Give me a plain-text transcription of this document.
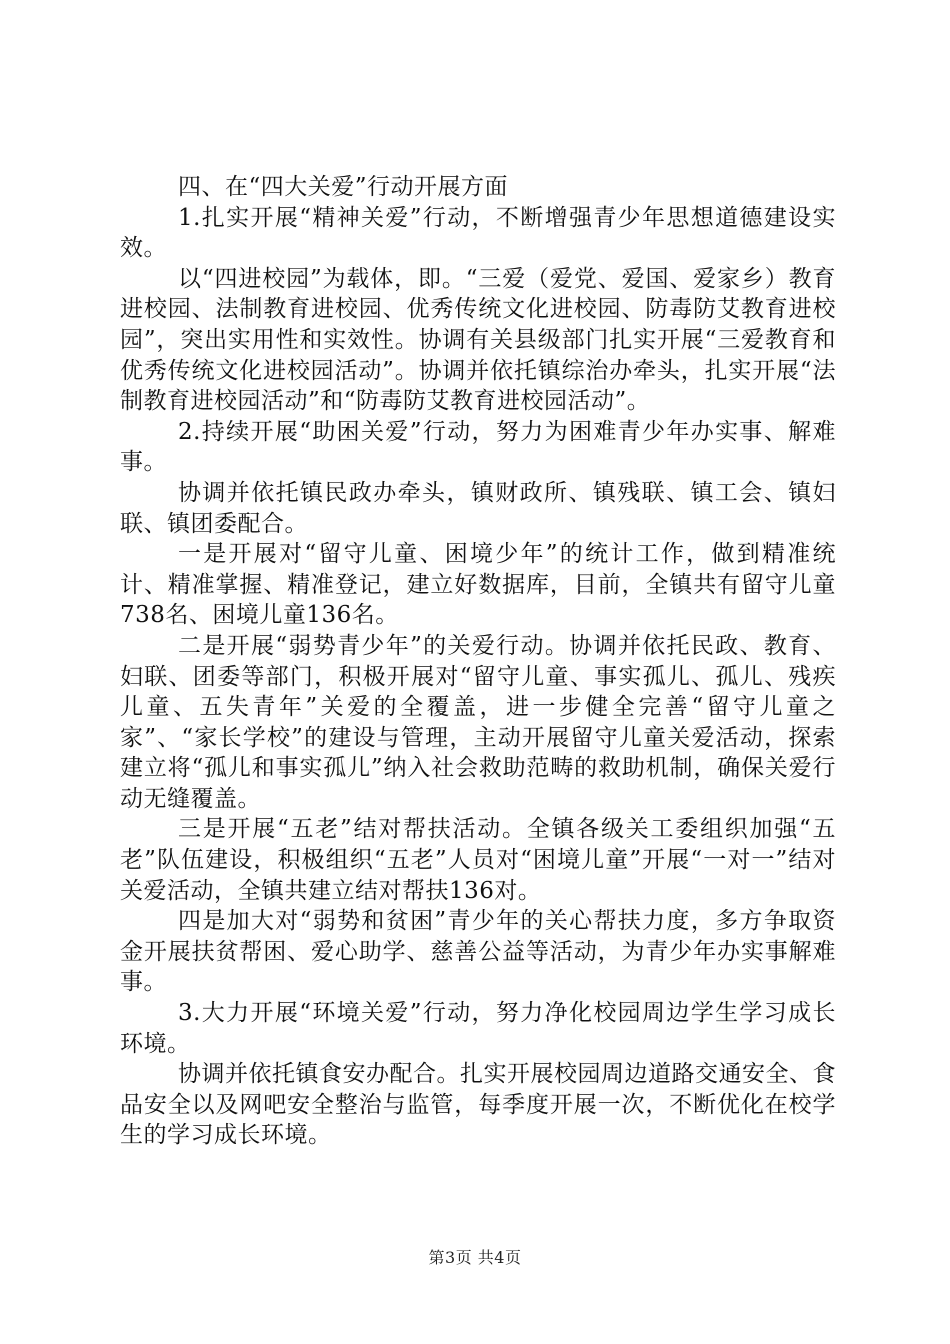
四、在“四大关爱”行动开展方面

1.扎实开展“精神关爱”行动，不断增强青少年思想道德建设实效。

以“四进校园”为载体，即。“三爱（爱党、爱国、爱家乡）教育进校园、法制教育进校园、优秀传统文化进校园、防毒防艾教育进校园”，突出实用性和实效性。协调有关县级部门扎实开展“三爱教育和优秀传统文化进校园活动”。协调并依托镇综治办牵头，扎实开展“法制教育进校园活动”和“防毒防艾教育进校园活动”。

2.持续开展“助困关爱”行动，努力为困难青少年办实事、解难事。

协调并依托镇民政办牵头，镇财政所、镇残联、镇工会、镇妇联、镇团委配合。

一是开展对“留守儿童、困境少年”的统计工作，做到精准统计、精准掌握、精准登记，建立好数据库，目前，全镇共有留守儿童738名、困境儿童136名。

二是开展“弱势青少年”的关爱行动。协调并依托民政、教育、妇联、团委等部门，积极开展对“留守儿童、事实孤儿、孤儿、残疾儿童、五失青年”关爱的全覆盖，进一步健全完善“留守儿童之家”、“家长学校”的建设与管理，主动开展留守儿童关爱活动，探索建立将“孤儿和事实孤儿”纳入社会救助范畴的救助机制，确保关爱行动无缝覆盖。

三是开展“五老”结对帮扶活动。全镇各级关工委组织加强“五老”队伍建设，积极组织“五老”人员对“困境儿童”开展“一对一”结对关爱活动，全镇共建立结对帮扶136对。

四是加大对“弱势和贫困”青少年的关心帮扶力度，多方争取资金开展扶贫帮困、爱心助学、慈善公益等活动，为青少年办实事解难事。

3.大力开展“环境关爱”行动，努力净化校园周边学生学习成长环境。

协调并依托镇食安办配合。扎实开展校园周边道路交通安全、食品安全以及网吧安全整治与监管，每季度开展一次，不断优化在校学生的学习成长环境。

第3页 共4页
